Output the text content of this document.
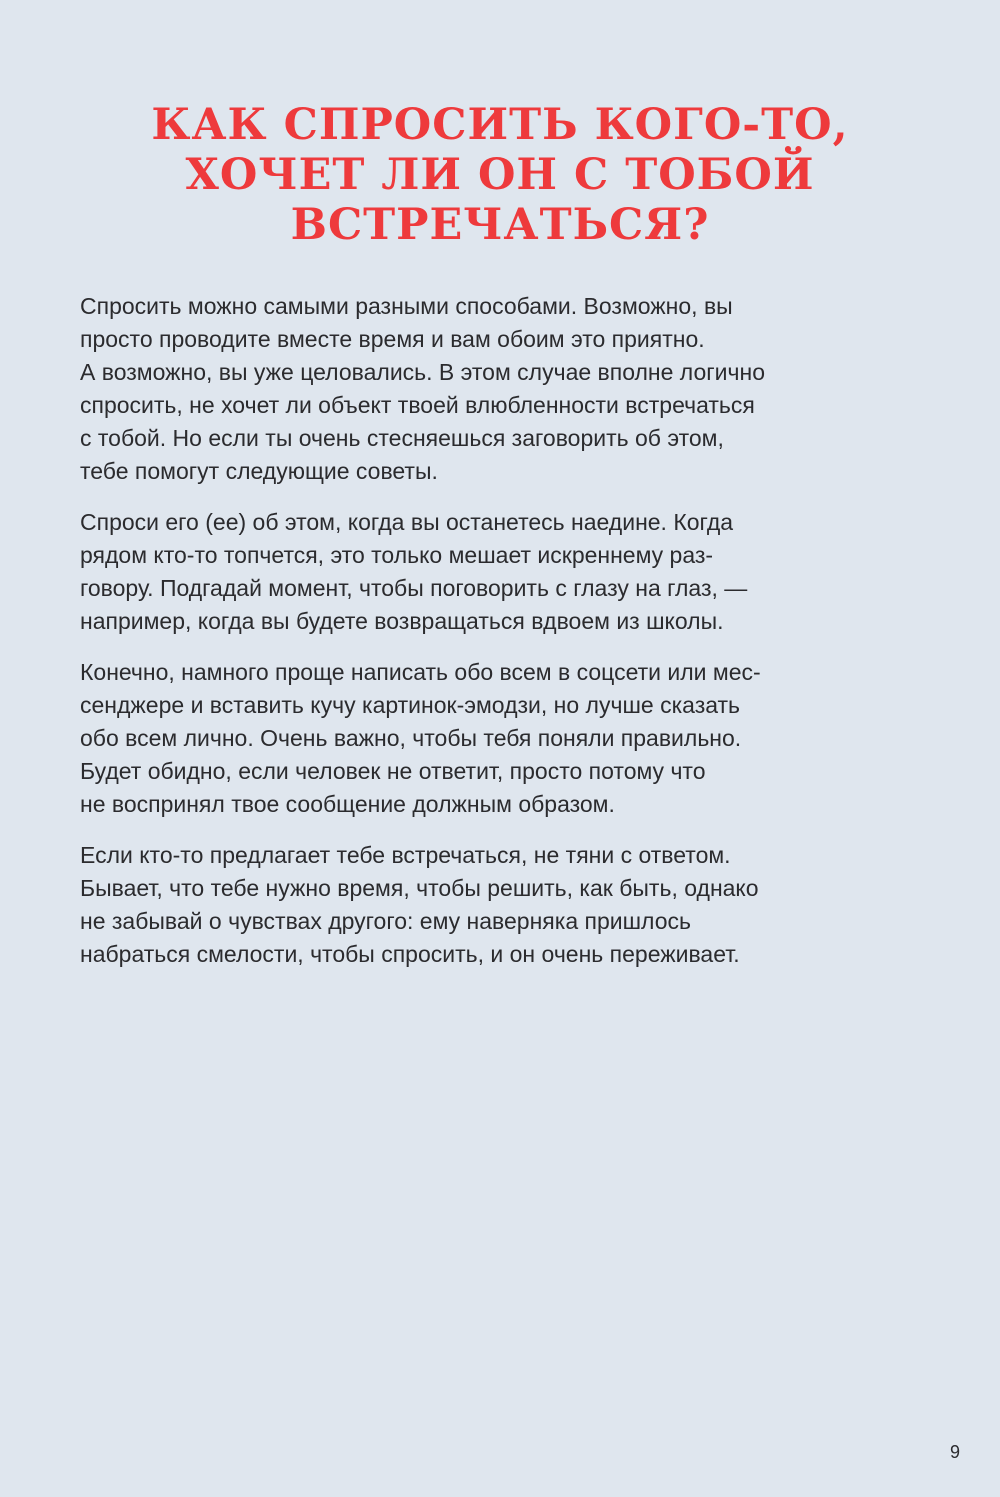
КАК СПРОСИТЬ КОГО-ТО,
ХОЧЕТ ЛИ ОН С ТОБОЙ
ВСТРЕЧАТЬСЯ?

Спросить можно самыми разными способами. Возможно, вы
просто проводите вместе время и вам обоим это приятно.
А возможно, вы уже целовались. В этом случае вполне логично
спросить, не хочет ли объект твоей влюбленности встречаться
с тобой. Но если ты очень стесняешься заговорить об этом,
тебе помогут следующие советы.

Спроси его (ее) об этом, когда вы останетесь наедине. Когда
рядом кто-то топчется, это только мешает искреннему раз-
говору. Подгадай момент, чтобы поговорить с глазу на глаз, —
например, когда вы будете возвращаться вдвоем из школы.

Конечно, намного проще написать обо всем в соцсети или мес-
сенджере и вставить кучу картинок-эмодзи, но лучше сказать
обо всем лично. Очень важно, чтобы тебя поняли правильно.
Будет обидно, если человек не ответит, просто потому что
не воспринял твое сообщение должным образом.

Если кто-то предлагает тебе встречаться, не тяни с ответом.
Бывает, что тебе нужно время, чтобы решить, как быть, однако
не забывай о чувствах другого: ему наверняка пришлось
набраться смелости, чтобы спросить, и он очень переживает.

9
